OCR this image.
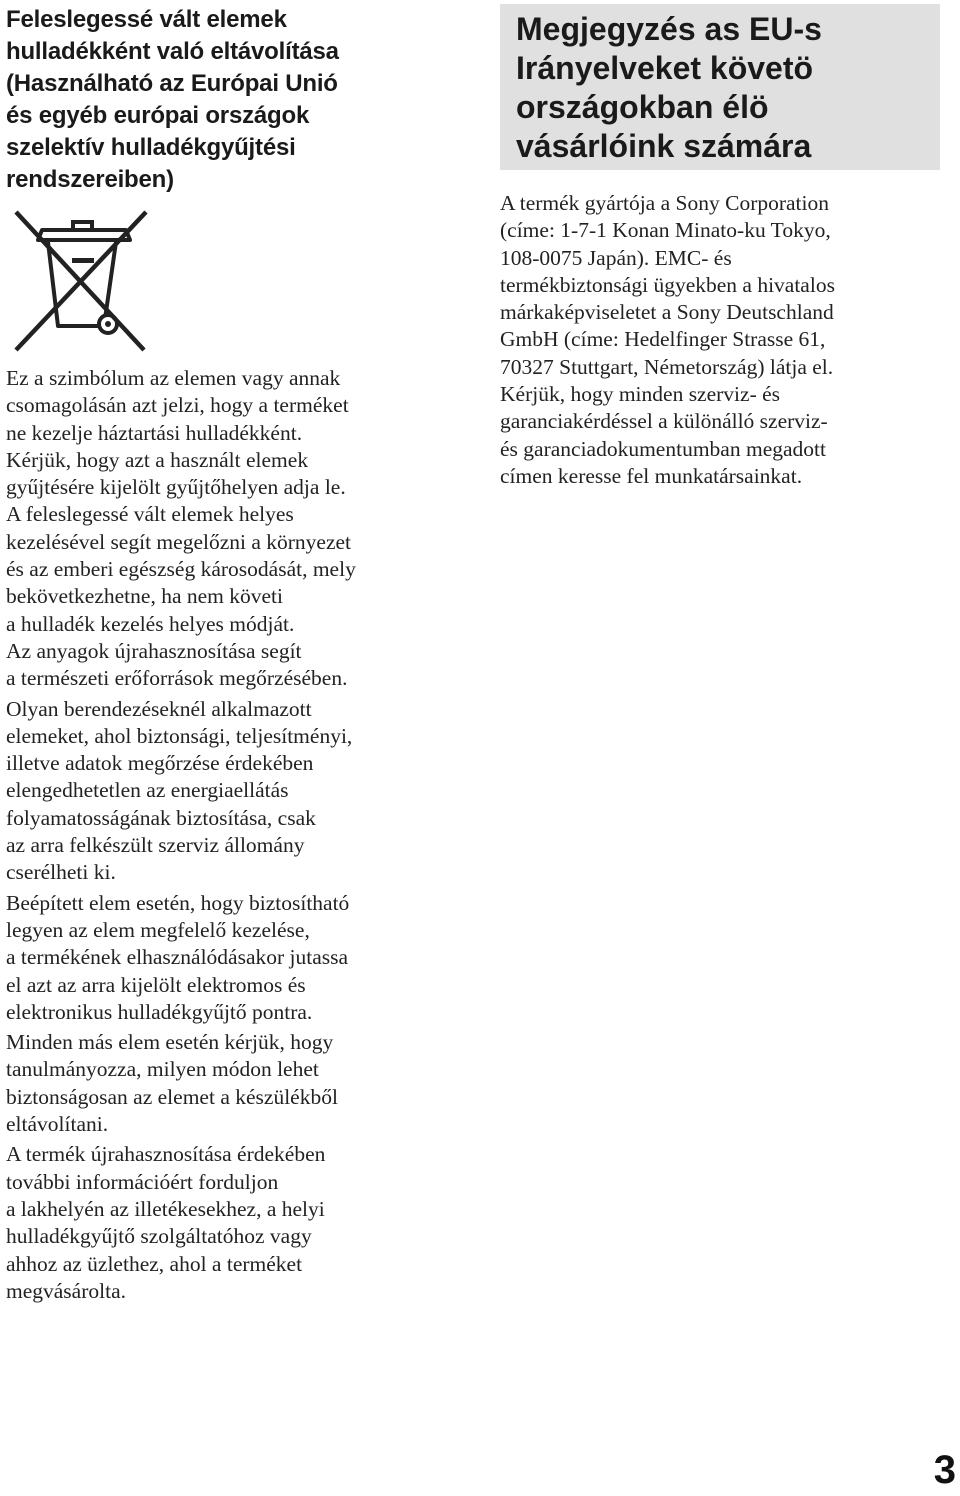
Feleslegessé vált elemek
hulladékként való eltávolítása
(Használható az Európai Unió
és egyéb európai országok
szelektív hulladékgyűjtési
rendszereiben)

Ez a szimbólum az elemen vagy annak
csomagolásán azt jelzi, hogy a terméket
ne kezelje háztartási hulladékként.
Kérjük, hogy azt a használt elemek
gyűjtésére kijelölt gyűjtőhelyen adja le.
A feleslegessé vált elemek helyes
kezelésével segít megelőzni a környezet
és az emberi egészség károsodását, mely
bekövetkezhetne, ha nem követi
a hulladék kezelés helyes módját.
Az anyagok újrahasznosítása segít
a természeti erőforrások megőrzésében.

Olyan berendezéseknél alkalmazott
elemeket, ahol biztonsági, teljesítményi,
illetve adatok megőrzése érdekében
elengedhetetlen az energiaellátás
folyamatosságának biztosítása, csak
az arra felkészült szerviz állomány
cserélheti ki.

Beépített elem esetén, hogy biztosítható
legyen az elem megfelelő kezelése,
a termékének elhasználódásakor jutassa
el azt az arra kijelölt elektromos és
elektronikus hulladékgyűjtő pontra.

Minden más elem esetén kérjük, hogy
tanulmányozza, milyen módon lehet
biztonságosan az elemet a készülékből
eltávolítani.

A termék újrahasznosítása érdekében
további információért forduljon
a lakhelyén az illetékesekhez, a helyi
hulladékgyűjtő szolgáltatóhoz vagy
ahhoz az üzlethez, ahol a terméket
megvásárolta.

Megjegyzés as EU-s
Irányelveket követö
országokban élö
vásárlóink számára

A termék gyártója a Sony Corporation
(címe: 1-7-1 Konan Minato-ku Tokyo,
108-0075 Japán). EMC- és
termékbiztonsági ügyekben a hivatalos
márkaképviseletet a Sony Deutschland
GmbH (címe: Hedelfinger Strasse 61,
70327 Stuttgart, Németország) látja el.
Kérjük, hogy minden szerviz- és
garanciakérdéssel a különálló szerviz-
és garanciadokumentumban megadott
címen keresse fel munkatársainkat.

3
